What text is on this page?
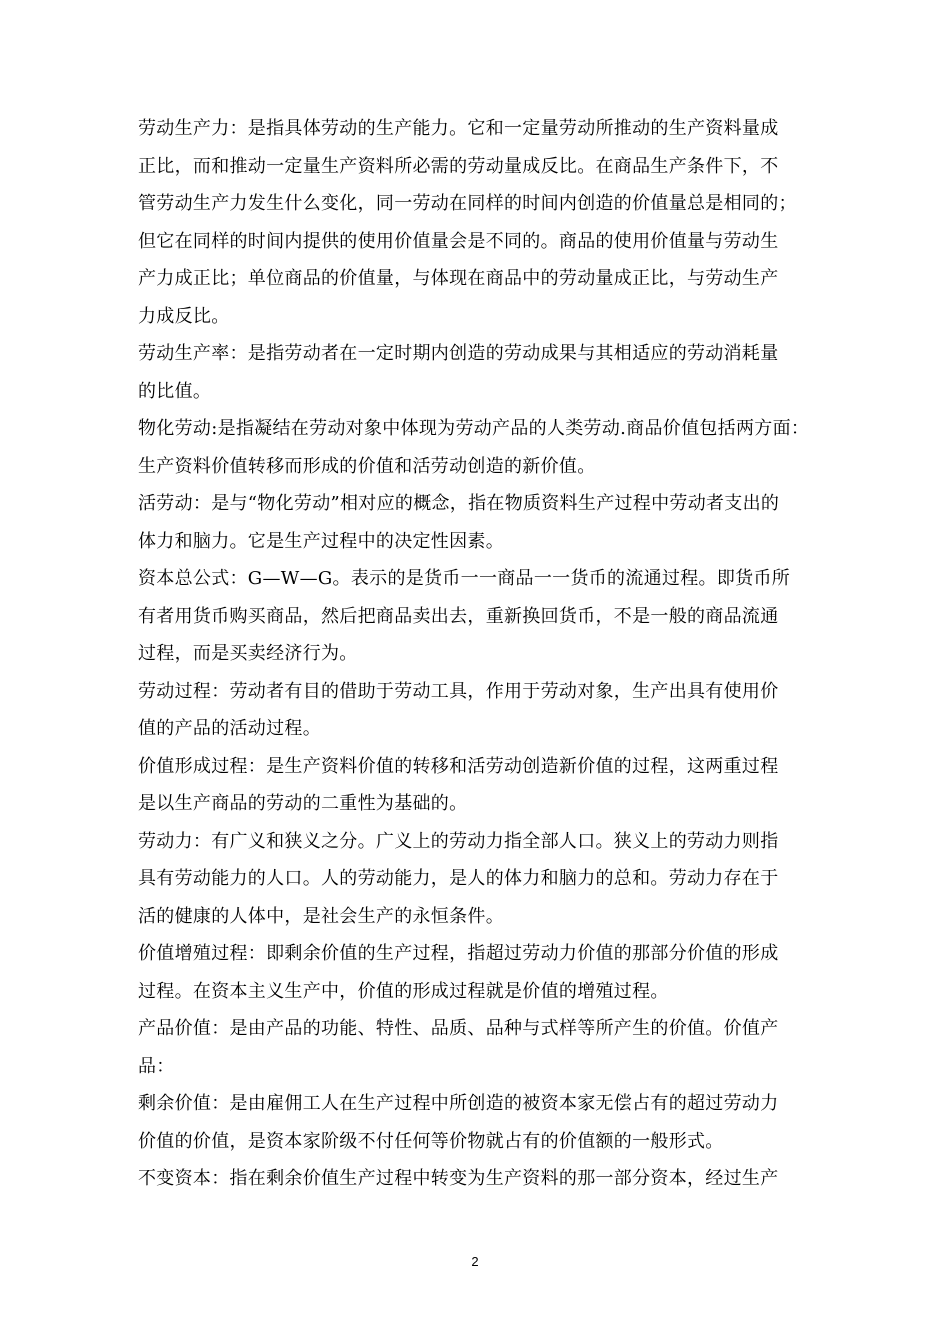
劳动生产力：是指具体劳动的生产能力。它和一定量劳动所推动的生产资料量成
正比，而和推动一定量生产资料所必需的劳动量成反比。在商品生产条件下，不
管劳动生产力发生什么变化，同一劳动在同样的时间内创造的价值量总是相同的；
但它在同样的时间内提供的使用价值量会是不同的。商品的使用价值量与劳动生
产力成正比；单位商品的价值量，与体现在商品中的劳动量成正比，与劳动生产
力成反比。
劳动生产率：是指劳动者在一定时期内创造的劳动成果与其相适应的劳动消耗量
的比值。
物化劳动:是指凝结在劳动对象中体现为劳动产品的人类劳动.商品价值包括两方面：
生产资料价值转移而形成的价值和活劳动创造的新价值。
活劳动：是与“物化劳动”相对应的概念，指在物质资料生产过程中劳动者支出的
体力和脑力。它是生产过程中的决定性因素。
资本总公式：G—W—G。表示的是货币一一商品一一货币的流通过程。即货币所
有者用货币购买商品，然后把商品卖出去，重新换回货币，不是一般的商品流通
过程，而是买卖经济行为。
劳动过程：劳动者有目的借助于劳动工具，作用于劳动对象，生产出具有使用价
值的产品的活动过程。
价值形成过程：是生产资料价值的转移和活劳动创造新价值的过程，这两重过程
是以生产商品的劳动的二重性为基础的。
劳动力：有广义和狭义之分。广义上的劳动力指全部人口。狭义上的劳动力则指
具有劳动能力的人口。人的劳动能力，是人的体力和脑力的总和。劳动力存在于
活的健康的人体中，是社会生产的永恒条件。
价值增殖过程：即剩余价值的生产过程，指超过劳动力价值的那部分价值的形成
过程。在资本主义生产中，价值的形成过程就是价值的增殖过程。
产品价值：是由产品的功能、特性、品质、品种与式样等所产生的价值。价值产
品：
剩余价值：是由雇佣工人在生产过程中所创造的被资本家无偿占有的超过劳动力
价值的价值，是资本家阶级不付任何等价物就占有的价值额的一般形式。
不变资本：指在剩余价值生产过程中转变为生产资料的那一部分资本，经过生产
2
